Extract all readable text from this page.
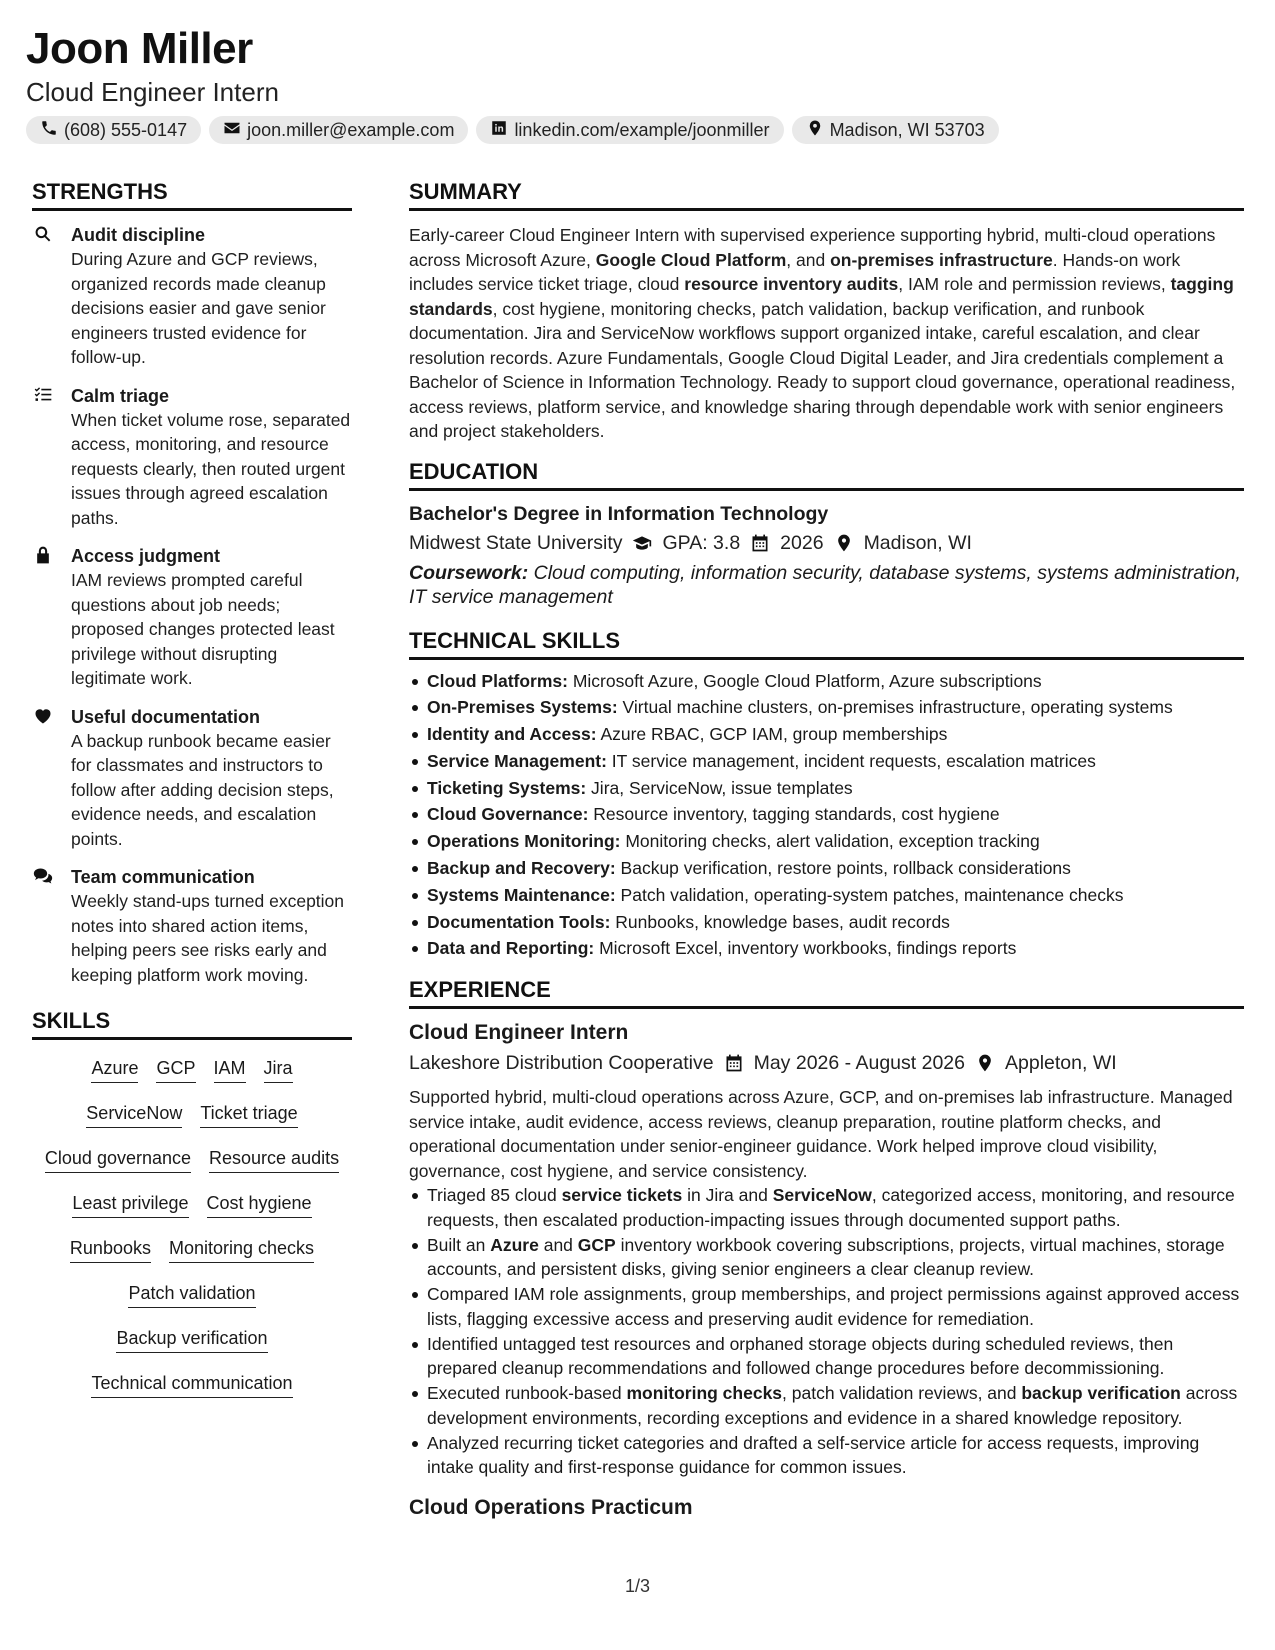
Joon Miller
Cloud Engineer Intern
(608) 555-0147	joon.miller@example.com	linkedin.com/example/joonmiller	Madison, WI 53703
STRENGTHS
Audit discipline
During Azure and GCP reviews, organized records made cleanup decisions easier and gave senior engineers trusted evidence for follow-up.
Calm triage
When ticket volume rose, separated access, monitoring, and resource requests clearly, then routed urgent issues through agreed escalation paths.
Access judgment
IAM reviews prompted careful questions about job needs; proposed changes protected least privilege without disrupting legitimate work.
Useful documentation
A backup runbook became easier for classmates and instructors to follow after adding decision steps, evidence needs, and escalation points.
Team communication
Weekly stand-ups turned exception notes into shared action items, helping peers see risks early and keeping platform work moving.
SKILLS
Azure GCP IAM Jira
ServiceNow Ticket triage
Cloud governance Resource audits
Least privilege Cost hygiene
Runbooks Monitoring checks
Patch validation
Backup verification
Technical communication
SUMMARY

Early-career Cloud Engineer Intern with supervised experience supporting hybrid, multi-cloud operations across Microsoft Azure, Google Cloud Platform, and on-premises infrastructure. Hands-on work includes service ticket triage, cloud resource inventory audits, IAM role and permission reviews, tagging standards, cost hygiene, monitoring checks, patch validation, backup verification, and runbook documentation. Jira and ServiceNow workflows support organized intake, careful escalation, and clear resolution records. Azure Fundamentals, Google Cloud Digital Leader, and Jira credentials complement a Bachelor of Science in Information Technology. Ready to support cloud governance, operational readiness, access reviews, platform service, and knowledge sharing through dependable work with senior engineers and project stakeholders.

EDUCATION
Bachelor's Degree in Information Technology
Midwest State University GPA: 3.8 2026 Madison, WI
Coursework: Cloud computing, information security, database systems, systems administration, IT service management
TECHNICAL SKILLS
Cloud Platforms: Microsoft Azure, Google Cloud Platform, Azure subscriptions
On-Premises Systems: Virtual machine clusters, on-premises infrastructure, operating systems
Identity and Access: Azure RBAC, GCP IAM, group memberships
Service Management: IT service management, incident requests, escalation matrices
Ticketing Systems: Jira, ServiceNow, issue templates
Cloud Governance: Resource inventory, tagging standards, cost hygiene
Operations Monitoring: Monitoring checks, alert validation, exception tracking
Backup and Recovery: Backup verification, restore points, rollback considerations
Systems Maintenance: Patch validation, operating-system patches, maintenance checks
Documentation Tools: Runbooks, knowledge bases, audit records
Data and Reporting: Microsoft Excel, inventory workbooks, findings reports
EXPERIENCE
Cloud Engineer Intern
Lakeshore Distribution Cooperative May 2026 - August 2026 Appleton, WI

Supported hybrid, multi-cloud operations across Azure, GCP, and on-premises lab infrastructure. Managed service intake, audit evidence, access reviews, cleanup preparation, routine platform checks, and operational documentation under senior-engineer guidance. Work helped improve cloud visibility, governance, cost hygiene, and service consistency.

Triaged 85 cloud service tickets in Jira and ServiceNow, categorized access, monitoring, and resource requests, then escalated production-impacting issues through documented support paths.
Built an Azure and GCP inventory workbook covering subscriptions, projects, virtual machines, storage accounts, and persistent disks, giving senior engineers a clear cleanup review.
Compared IAM role assignments, group memberships, and project permissions against approved access lists, flagging excessive access and preserving audit evidence for remediation.
Identified untagged test resources and orphaned storage objects during scheduled reviews, then prepared cleanup recommendations and followed change procedures before decommissioning.
Executed runbook-based monitoring checks, patch validation reviews, and backup verification across development environments, recording exceptions and evidence in a shared knowledge repository.
Analyzed recurring ticket categories and drafted a self-service article for access requests, improving intake quality and first-response guidance for common issues.
Cloud Operations Practicum
1/3
